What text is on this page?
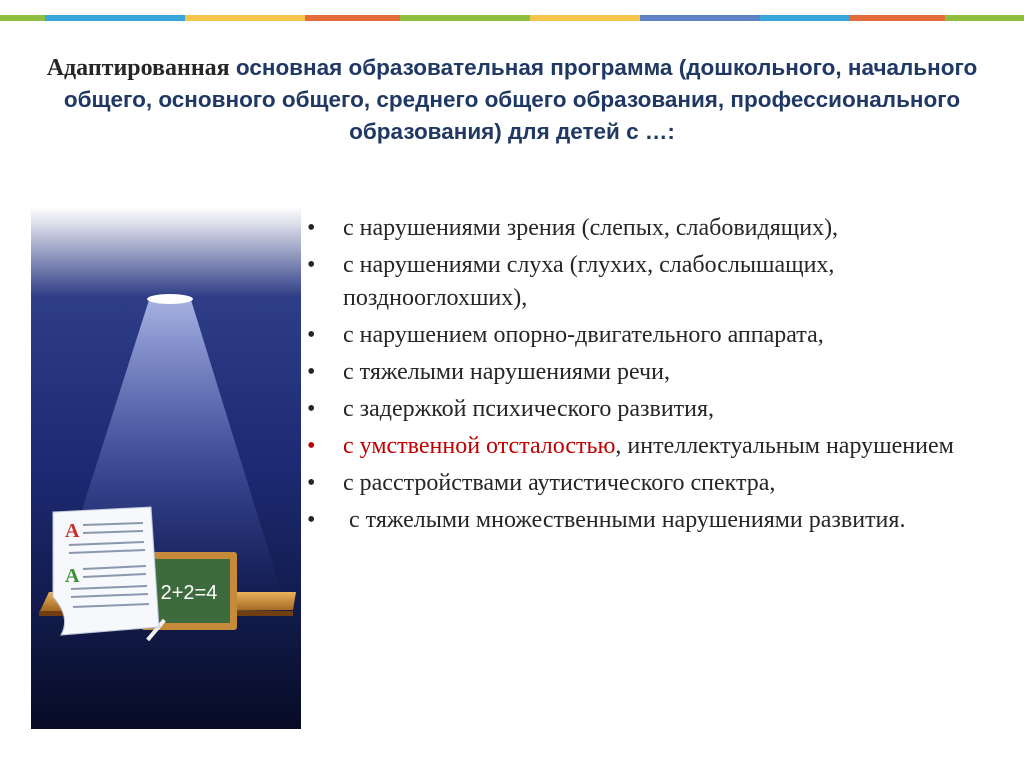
Адаптированная основная образовательная программа (дошкольного, начального общего, основного общего, среднего общего образования, профессионального образования) для детей с …:
2+2=4
A
A
• с нарушениями зрения (слепых, слабовидящих),
• с нарушениями слуха (глухих, слабослышащих, позднооглохших),
• с нарушением опорно-двигательного аппарата,
• с тяжелыми нарушениями речи,
• с задержкой психического развития,
• с умственной отсталостью, интеллектуальным нарушением
• с расстройствами аутистического спектра,
• с тяжелыми множественными нарушениями развития.
